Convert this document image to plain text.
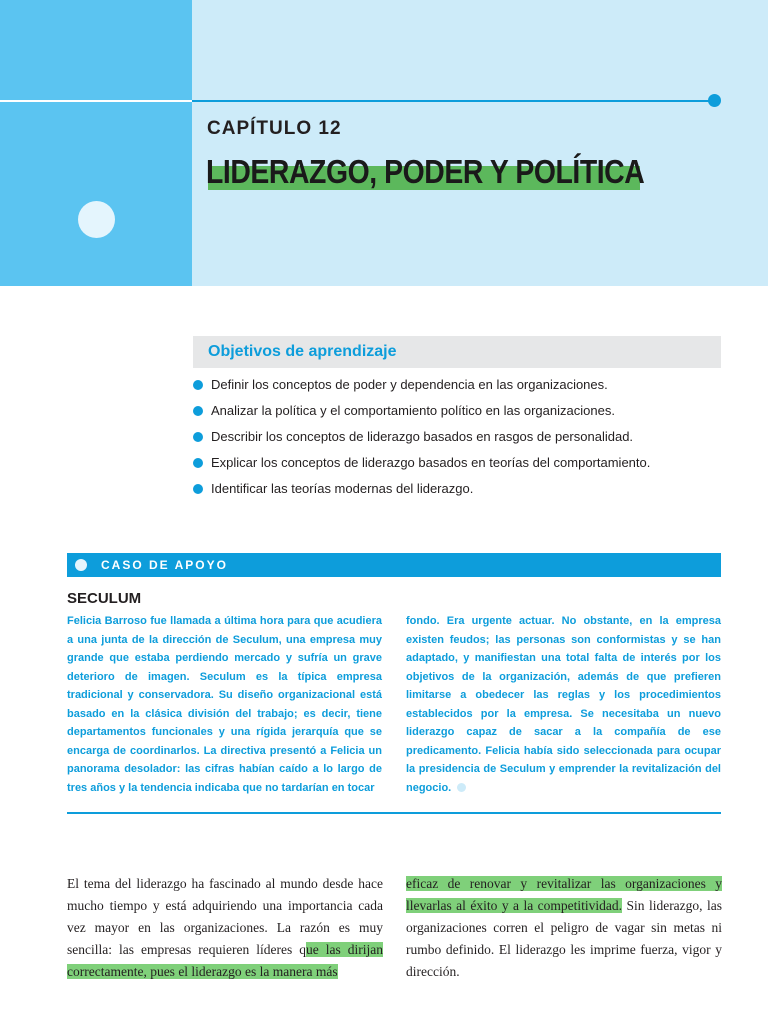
CAPÍTULO 12
LIDERAZGO, PODER Y POLÍTICA
Objetivos de aprendizaje
Definir los conceptos de poder y dependencia en las organizaciones.
Analizar la política y el comportamiento político en las organizaciones.
Describir los conceptos de liderazgo basados en rasgos de personalidad.
Explicar los conceptos de liderazgo basados en teorías del comportamiento.
Identificar las teorías modernas del liderazgo.
CASO DE APOYO
SECULUM
Felicia Barroso fue llamada a última hora para que acudiera a una junta de la dirección de Seculum, una empresa muy grande que estaba perdiendo mercado y sufría un grave deterioro de imagen. Seculum es la típica empresa tradicional y conservadora. Su diseño organizacional está basado en la clásica división del trabajo; es decir, tiene departamentos funcionales y una rígida jerarquía que se encarga de coordinarlos. La directiva presentó a Felicia un panorama desolador: las cifras habían caído a lo largo de tres años y la tendencia indicaba que no tardarían en tocar
fondo. Era urgente actuar. No obstante, en la empresa existen feudos; las personas son conformistas y se han adaptado, y manifiestan una total falta de interés por los objetivos de la organización, además de que prefieren limitarse a obedecer las reglas y los procedimientos establecidos por la empresa. Se necesitaba un nuevo liderazgo capaz de sacar a la compañía de ese predicamento. Felicia había sido seleccionada para ocupar la presidencia de Seculum y emprender la revitalización del negocio.
El tema del liderazgo ha fascinado al mundo desde hace mucho tiempo y está adquiriendo una importancia cada vez mayor en las organizaciones. La razón es muy sencilla: las empresas requieren líderes que las dirijan correctamente, pues el liderazgo es la manera más
eficaz de renovar y revitalizar las organizaciones y llevarlas al éxito y a la competitividad. Sin liderazgo, las organizaciones corren el peligro de vagar sin metas ni rumbo definido. El liderazgo les imprime fuerza, vigor y dirección.
